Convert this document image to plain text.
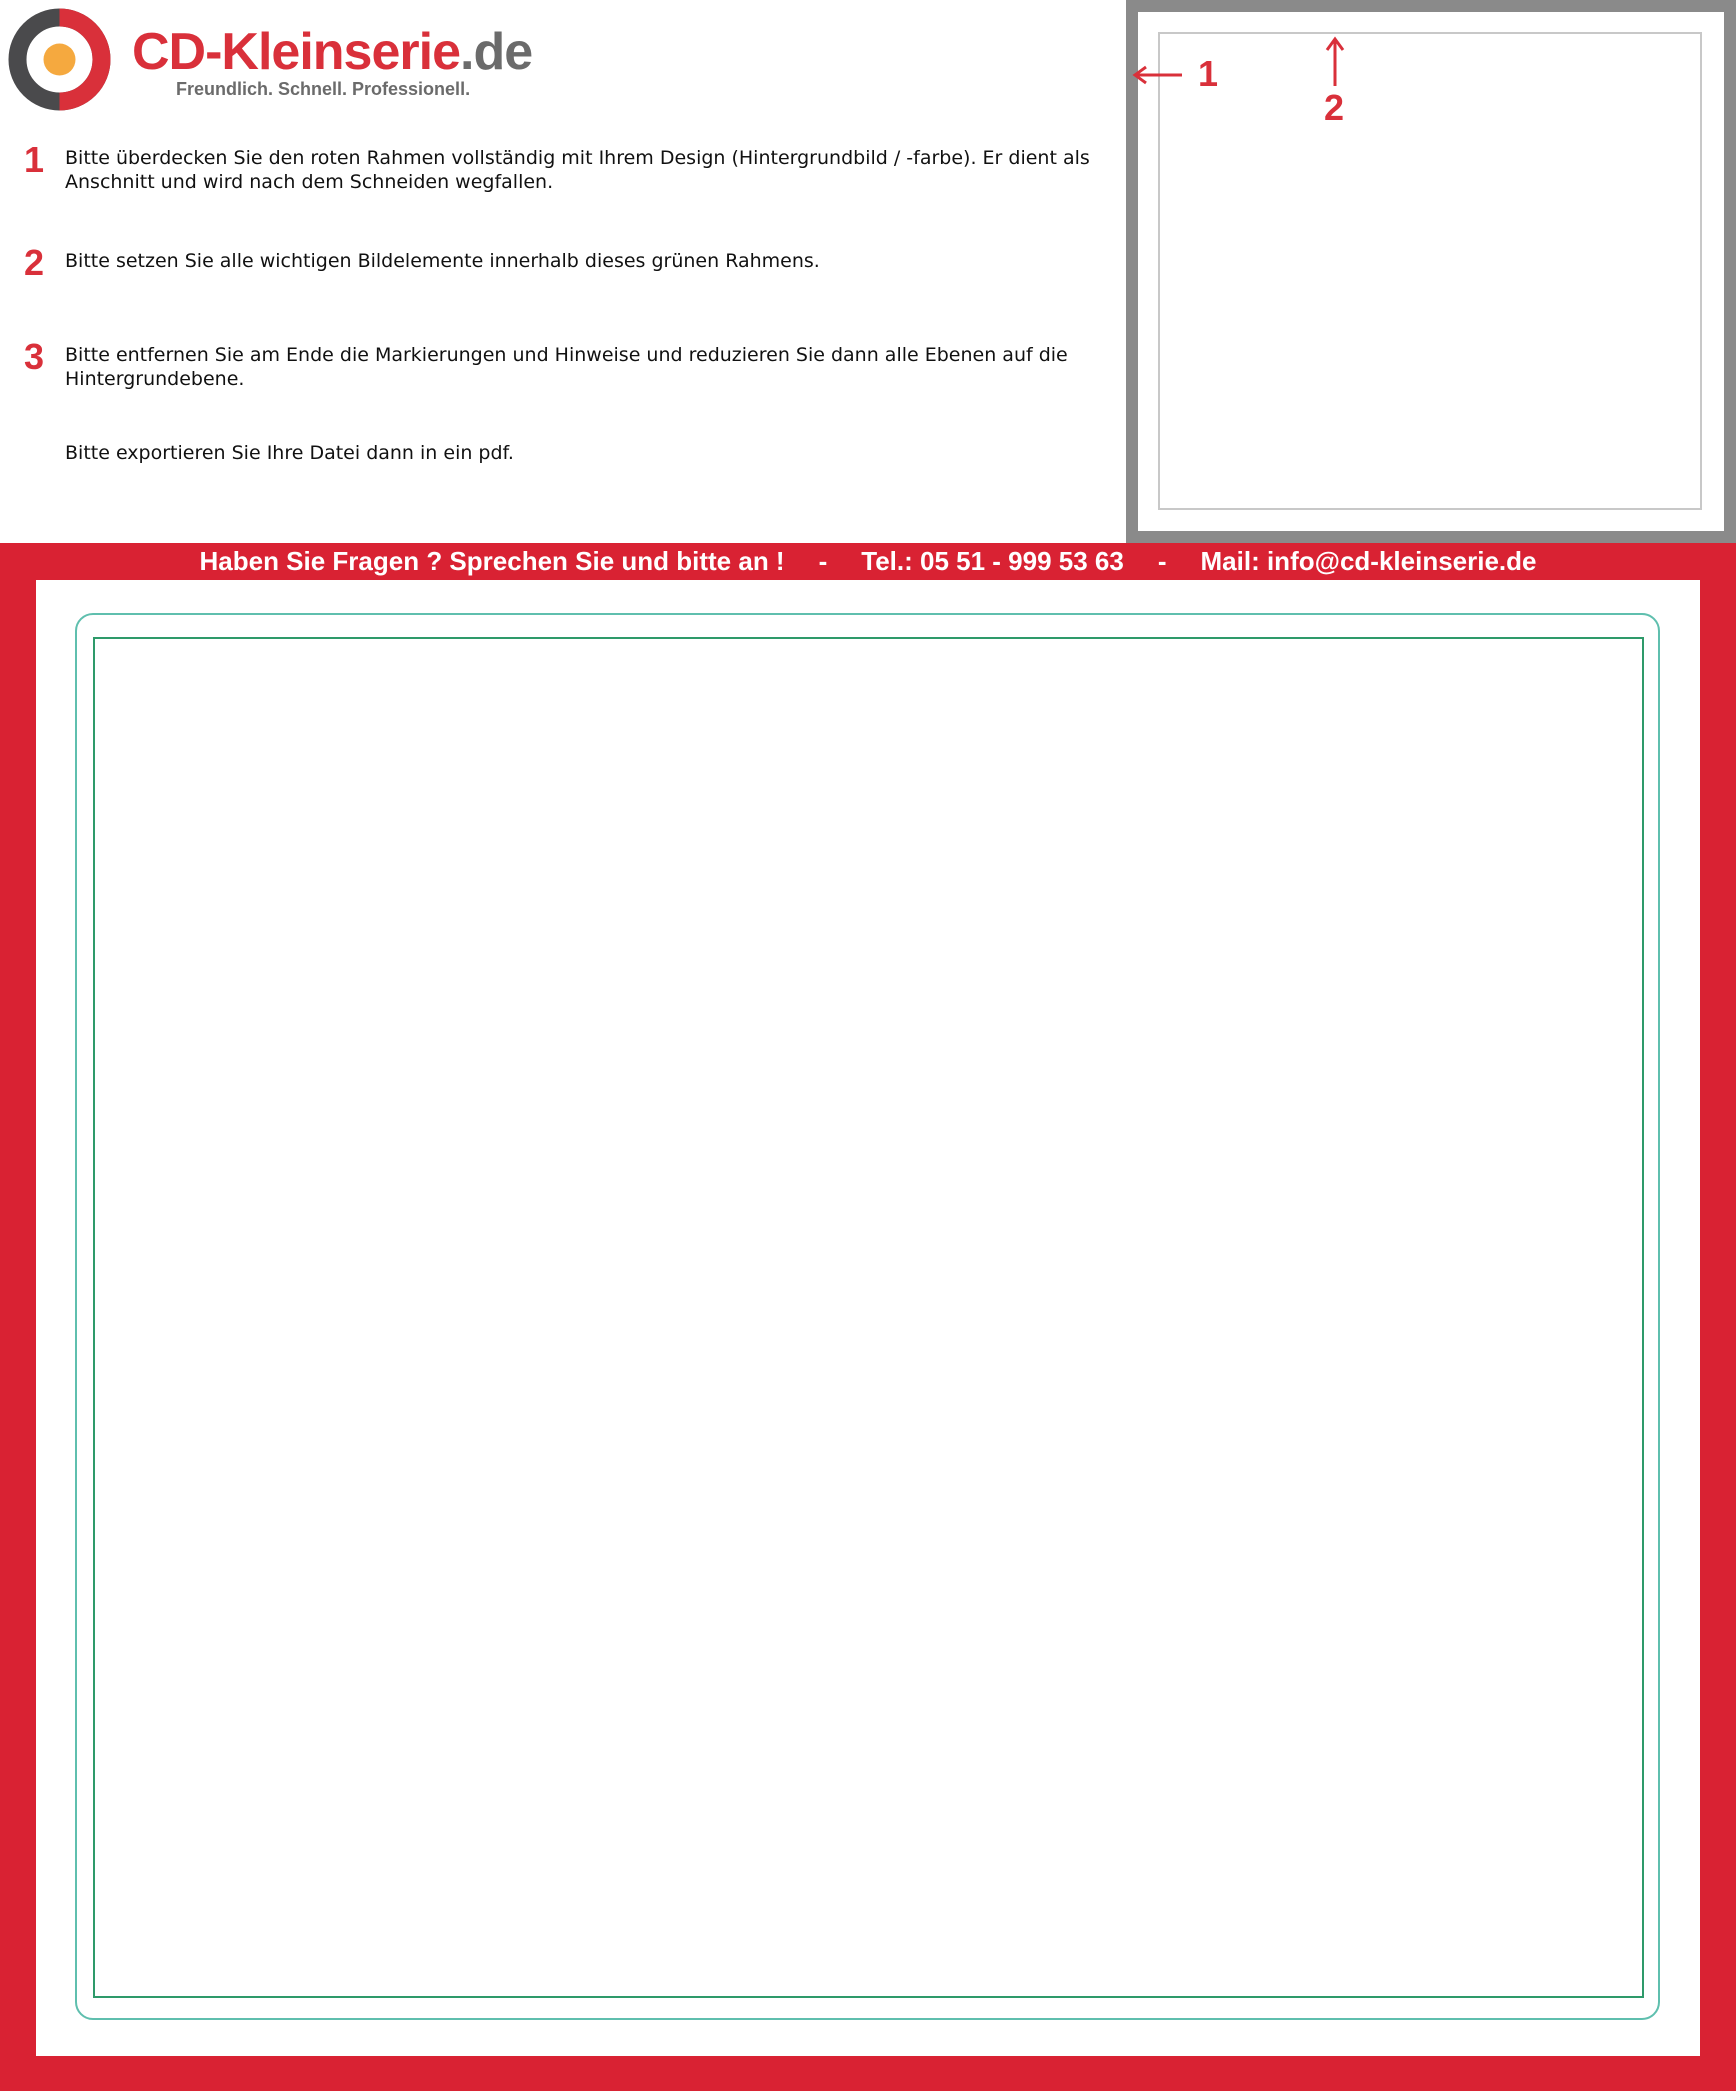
CD-Kleinserie.de
Freundlich. Schnell. Professionell.
1	Bitte überdecken Sie den roten Rahmen vollständig mit Ihrem Design (Hintergrundbild / -farbe). Er dient als Anschnitt und wird nach dem Schneiden wegfallen.
2	Bitte setzen Sie alle wichtigen Bildelemente innerhalb dieses grünen Rahmens.
3	Bitte entfernen Sie am Ende die Markierungen und Hinweise und reduzieren Sie dann alle Ebenen auf die Hintergrundebene.
Bitte exportieren Sie Ihre Datei dann in ein pdf.
1
2
Haben Sie Fragen ? Sprechen Sie und bitte an !	-	Tel.: 05 51 - 999 53 63	-	Mail: info@cd-kleinserie.de
